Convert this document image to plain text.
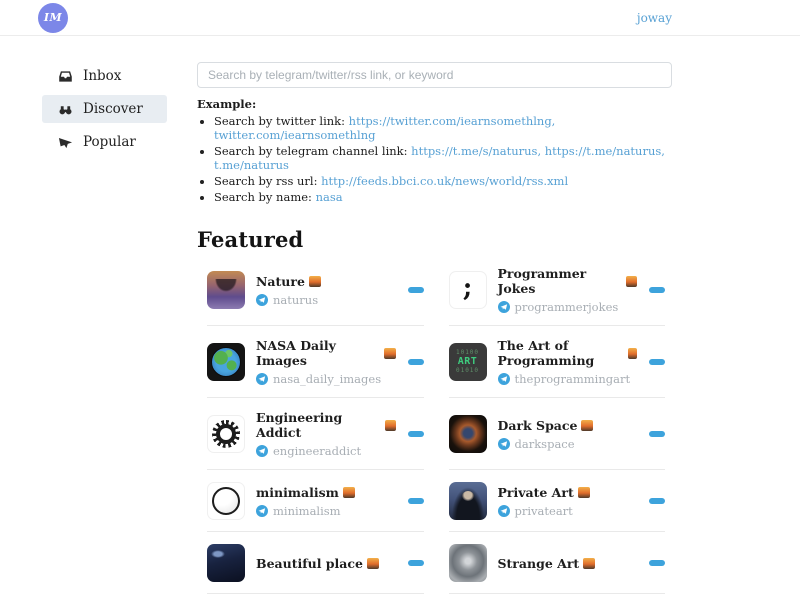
IM	joway
Inbox
Discover
Popular
Search by telegram/twitter/rss link, or keyword
Example:
• Search by twitter link: https://twitter.com/iearnsomethlng, twitter.com/iearnsomethlng
• Search by telegram channel link: https://t.me/s/naturus, https://t.me/naturus, t.me/naturus
• Search by rss url: http://feeds.bbci.co.uk/news/world/rss.xml
• Search by name: nasa
Featured
Nature
naturus	; Programmer Jokes
programmerjokes
NASA Daily Images
nasa_daily_images
10100
ART
01010
The Art of Programming
theprogrammingart
Engineering Addict
engineeraddict
Dark Space
darkspace
minimalism
minimalism
Private Art
privateart
Beautiful place	Strange Art
